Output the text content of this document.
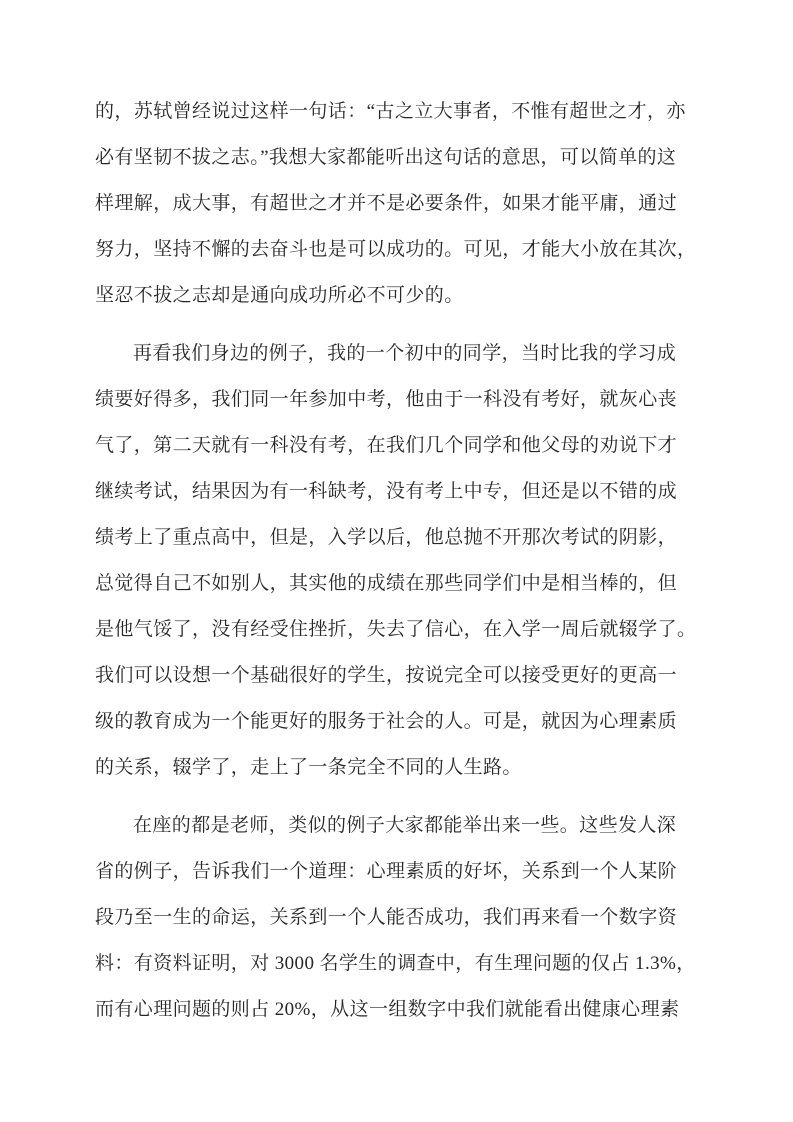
的，苏轼曾经说过这样一句话：“古之立大事者，不惟有超世之才，亦
必有坚韧不拔之志。”我想大家都能听出这句话的意思，可以简单的这
样理解，成大事，有超世之才并不是必要条件，如果才能平庸，通过
努力，坚持不懈的去奋斗也是可以成功的。可见，才能大小放在其次，
坚忍不拔之志却是通向成功所必不可少的。
再看我们身边的例子，我的一个初中的同学，当时比我的学习成
绩要好得多，我们同一年参加中考，他由于一科没有考好，就灰心丧
气了，第二天就有一科没有考，在我们几个同学和他父母的劝说下才
继续考试，结果因为有一科缺考，没有考上中专，但还是以不错的成
绩考上了重点高中，但是，入学以后，他总抛不开那次考试的阴影，
总觉得自己不如别人，其实他的成绩在那些同学们中是相当棒的，但
是他气馁了，没有经受住挫折，失去了信心，在入学一周后就辍学了。
我们可以设想一个基础很好的学生，按说完全可以接受更好的更高一
级的教育成为一个能更好的服务于社会的人。可是，就因为心理素质
的关系，辍学了，走上了一条完全不同的人生路。
在座的都是老师，类似的例子大家都能举出来一些。这些发人深
省的例子，告诉我们一个道理：心理素质的好坏，关系到一个人某阶
段乃至一生的命运，关系到一个人能否成功，我们再来看一个数字资
料：有资料证明，对 3000 名学生的调查中，有生理问题的仅占 1.3%，
而有心理问题的则占 20%，从这一组数字中我们就能看出健康心理素
